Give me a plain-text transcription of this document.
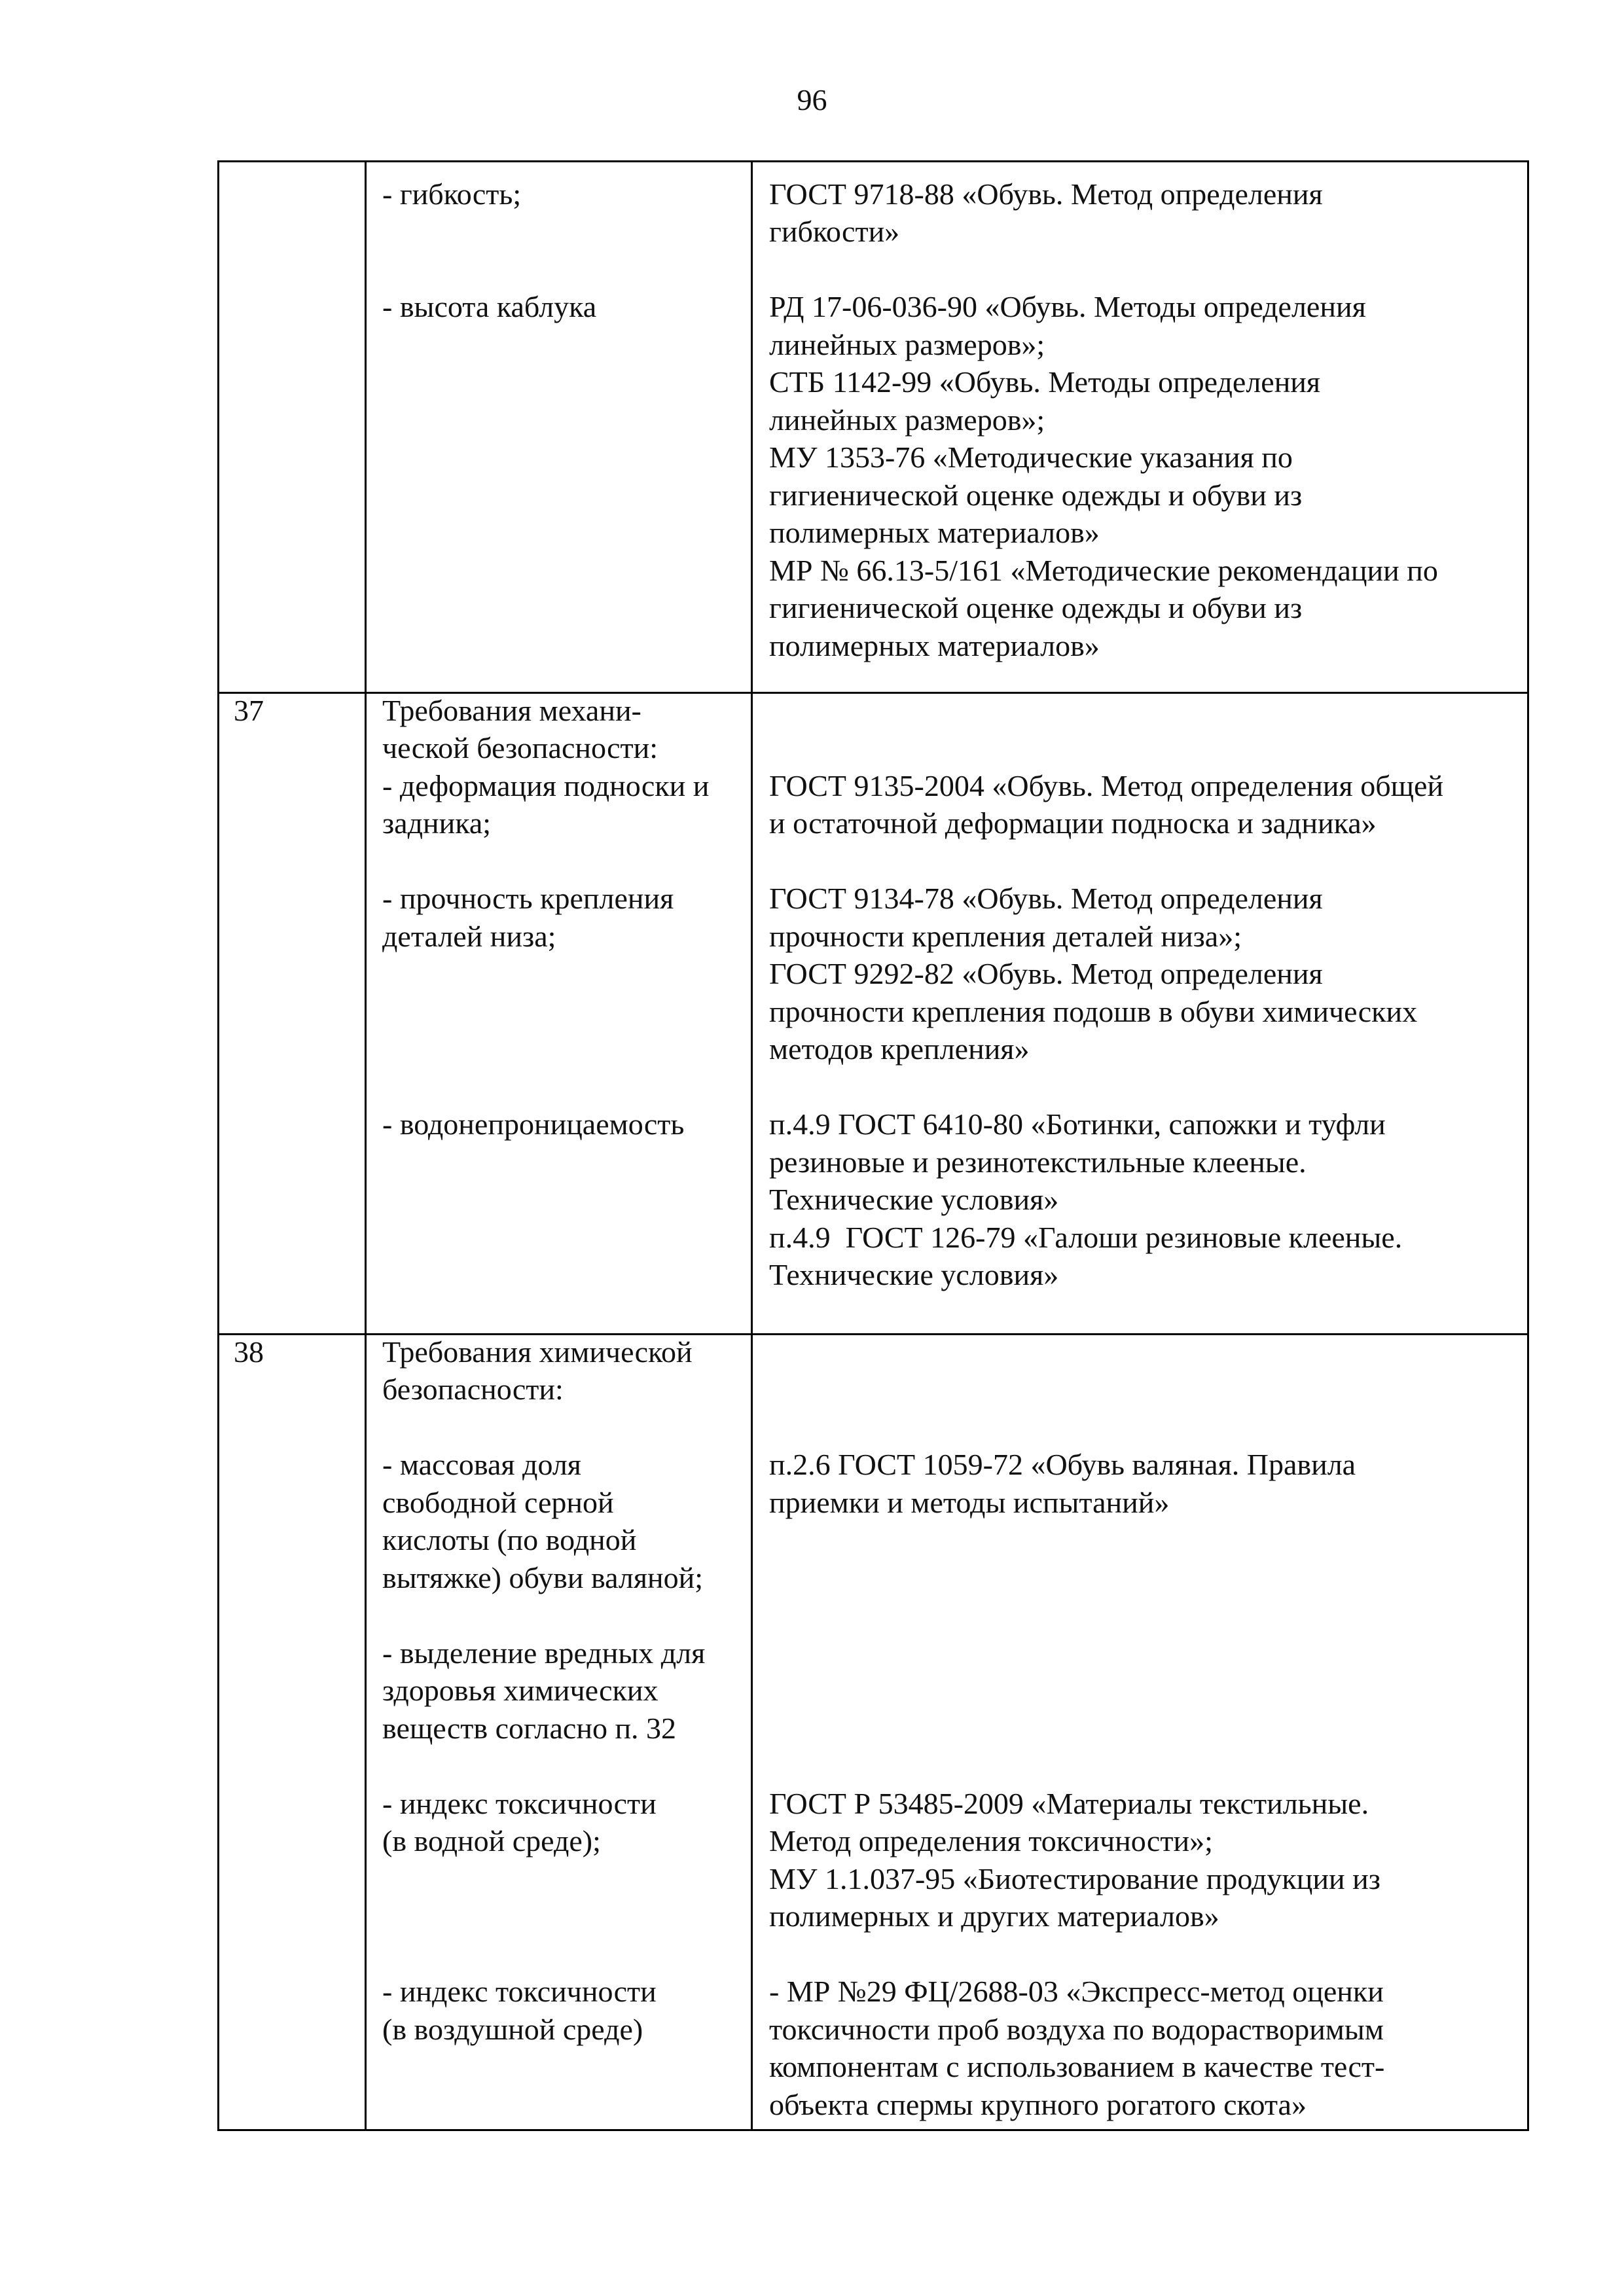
96
- гибкость;
- высота каблука
ГОСТ 9718-88 «Обувь. Метод определения
гибкости»
РД 17-06-036-90 «Обувь. Методы определения
линейных размеров»;
СТБ 1142-99 «Обувь. Методы определения
линейных размеров»;
МУ 1353-76 «Методические указания по
гигиенической оценке одежды и обуви из
полимерных материалов»
МР № 66.13-5/161 «Методические рекомендации по
гигиенической оценке одежды и обуви из
полимерных материалов»
37	Требования механи-
ческой безопасности:
- деформация подноски и
задника;
- прочность крепления
деталей низа;
- водонепроницаемость
ГОСТ 9135-2004 «Обувь. Метод определения общей
и остаточной деформации подноска и задника»
ГОСТ 9134-78 «Обувь. Метод определения
прочности крепления деталей низа»;
ГОСТ 9292-82 «Обувь. Метод определения
прочности крепления подошв в обуви химических
методов крепления»
п.4.9 ГОСТ 6410-80 «Ботинки, сапожки и туфли
резиновые и резинотекстильные клееные.
Технические условия»
п.4.9  ГОСТ 126-79 «Галоши резиновые клееные.
Технические условия»
38	Требования химической
безопасности:
- массовая доля
свободной серной
кислоты (по водной
вытяжке) обуви валяной;
- выделение вредных для
здоровья химических
веществ согласно п. 32
- индекс токсичности
(в водной среде);
- индекс токсичности
(в воздушной среде)
п.2.6 ГОСТ 1059-72 «Обувь валяная. Правила
приемки и методы испытаний»
ГОСТ Р 53485-2009 «Материалы текстильные.
Метод определения токсичности»;
МУ 1.1.037-95 «Биотестирование продукции из
полимерных и других материалов»
- МР №29 ФЦ/2688-03 «Экспресс-метод оценки
токсичности проб воздуха по водорастворимым
компонентам с использованием в качестве тест-
объекта спермы крупного рогатого скота»
